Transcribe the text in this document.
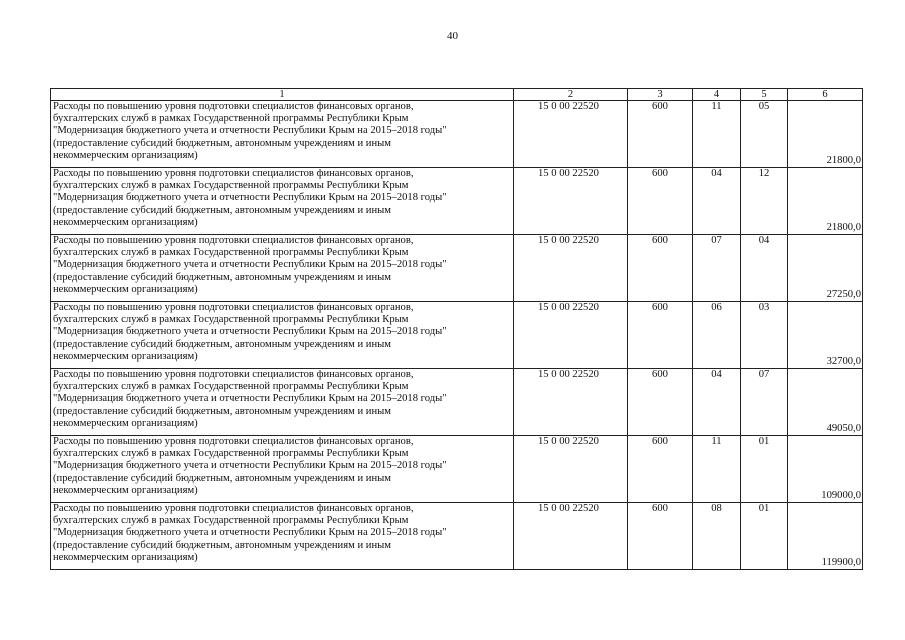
40
1	2	3	4	5	6

Расходы по повышению уровня подготовки специалистов финансовых органов,
бухгалтерских служб в рамках Государственной программы Республики Крым
"Модернизация бюджетного учета и отчетности Республики Крым на 2015–2018 годы"
(предоставление субсидий бюджетным, автономным учреждениям и иным
некоммерческим организациям)	15 0 00 22520	600	11	05	21800,0

Расходы по повышению уровня подготовки специалистов финансовых органов,
бухгалтерских служб в рамках Государственной программы Республики Крым
"Модернизация бюджетного учета и отчетности Республики Крым на 2015–2018 годы"
(предоставление субсидий бюджетным, автономным учреждениям и иным
некоммерческим организациям)	15 0 00 22520	600	04	12	21800,0

Расходы по повышению уровня подготовки специалистов финансовых органов,
бухгалтерских служб в рамках Государственной программы Республики Крым
"Модернизация бюджетного учета и отчетности Республики Крым на 2015–2018 годы"
(предоставление субсидий бюджетным, автономным учреждениям и иным
некоммерческим организациям)	15 0 00 22520	600	07	04	27250,0

Расходы по повышению уровня подготовки специалистов финансовых органов,
бухгалтерских служб в рамках Государственной программы Республики Крым
"Модернизация бюджетного учета и отчетности Республики Крым на 2015–2018 годы"
(предоставление субсидий бюджетным, автономным учреждениям и иным
некоммерческим организациям)	15 0 00 22520	600	06	03	32700,0

Расходы по повышению уровня подготовки специалистов финансовых органов,
бухгалтерских служб в рамках Государственной программы Республики Крым
"Модернизация бюджетного учета и отчетности Республики Крым на 2015–2018 годы"
(предоставление субсидий бюджетным, автономным учреждениям и иным
некоммерческим организациям)	15 0 00 22520	600	04	07	49050,0

Расходы по повышению уровня подготовки специалистов финансовых органов,
бухгалтерских служб в рамках Государственной программы Республики Крым
"Модернизация бюджетного учета и отчетности Республики Крым на 2015–2018 годы"
(предоставление субсидий бюджетным, автономным учреждениям и иным
некоммерческим организациям)	15 0 00 22520	600	11	01	109000,0

Расходы по повышению уровня подготовки специалистов финансовых органов,
бухгалтерских служб в рамках Государственной программы Республики Крым
"Модернизация бюджетного учета и отчетности Республики Крым на 2015–2018 годы"
(предоставление субсидий бюджетным, автономным учреждениям и иным
некоммерческим организациям)	15 0 00 22520	600	08	01	119900,0
